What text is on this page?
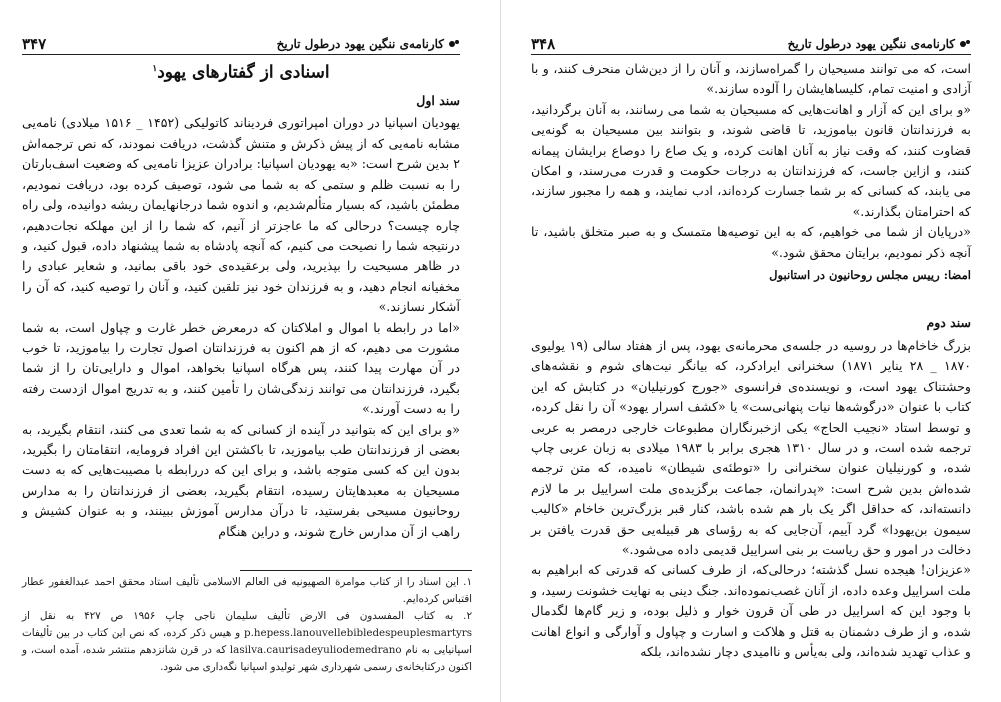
کارنامه‌ی ننگین یهود درطول تاریخ
۳۴۷
اسنادی از گفتارهای یهود$^۱$
سند اول

یهودیان اسپانیا در دوران امپراتوری فردیناند کاتولیکی (۱۴۵۲ _ ۱۵۱۶ میلادی) نامه‌یی مشابه نامه‌یی که از پیش ذکرش و متنش گذشت، دریافت نمودند، که نص ترجمه‌اش ۲ بدین شرح است: «به یهودیان اسپانیا: برادران عزیزا نامه‌یی که وضعیت اسف‌بارتان را به نسبت ظلم و ستمی که به شما می شود، توصیف کرده بود، دریافت نمودیم، مطمئن باشید، که بسیار متألم‌شدیم، و اندوه شما درجانهایمان ریشه دوانیده، ولی راه چاره چیست؟ درحالی که ما عاجزتر از آنیم، که شما را از این مهلکه نجات‌دهیم، درنتیجه شما را نصیحت می کنیم، که آنچه پادشاه به شما پیشنهاد داده، قبول کنید، و در ظاهر مسیحیت را بپذیرید، ولی برعقیده‌ی خود باقی بمانید، و شعایر عبادی را مخفیانه انجام دهید، و به فرزندان خود نیز تلقین کنید، و آنان را توصیه کنید، که آن را آشکار نسازند.»

«اما در رابطه با اموال و املاکتان که درمعرض خطر غارت و چپاول است، به شما مشورت می دهیم، که از هم اکنون به فرزندانتان اصول تجارت را بیاموزید، تا خوب در آن مهارت پیدا کنند، پس هرگاه اسپانیا بخواهد، اموال و دارایی‌تان را از شما بگیرد، فرزندانتان می توانند زندگی‌شان را تأمین کنند، و به تدریج اموال ازدست رفته را به دست آورند.»

«و برای این که بتوانید در آینده از کسانی که به شما تعدی می کنند، انتقام بگیرید، به بعضی از فرزندانتان طب بیاموزید، تا باکشتن این افراد فرومایه، انتقامتان را بگیرید، بدون این که کسی متوجه باشد، و برای این که دررابطه با مصیبت‌هایی که به دست مسیحیان به معبدهایتان رسیده، انتقام بگیرید، بعضی از فرزندانتان را به مدارس روحانیون مسیحی بفرستید، تا درآن مدارس آموزش ببینند، و به عنوان کشیش و راهب از آن مدارس خارج شوند، و دراین هنگام

۱. این اسناد را از کتاب موامرة الصهیونیه فی العالم الاسلامی تألیف استاد محقق احمد عبدالغفور عطار اقتباس کرده‌ایم.

۲. به کتاب المفسدون فی الارض تألیف سلیمان ناجی چاپ ۱۹۵۶ ص ۴۲۷ به نقل از p.hepess.lanouvellebibledespeuplesmartyrs و هیس ذکر کرده، که نص این کتاب در بین تألیفات اسپانیایی به نام lasilva.caurisadeyuliodemedrano که در قرن شانزدهم منتشر شده، آمده است، و اکنون درکتابخانه‌ی رسمی شهرداری شهر تولیدو اسپانیا نگه‌داری می شود.

کارنامه‌ی ننگین یهود درطول تاریخ
۳۴۸

است، که می توانند مسیحیان را گمراه‌سازند، و آنان را از دین‌شان منحرف کنند، و با آزادی و امنیت تمام، کلیساهایشان را آلوده سازند.»

«و برای این که آزار و اهانت‌هایی که مسیحیان به شما می رسانند، به آنان برگردانید، به فرزندانتان قانون بیاموزید، تا قاضی شوند، و بتوانند بین مسیحیان به گونه‌یی قضاوت کنند، که وقت نیاز به آنان اهانت کرده، و یک صاع را دوصاع برایشان پیمانه کنند، و ازاین جاست، که فرزندانتان به درجات حکومت و قدرت می‌رسند، و امکان می یابند، که کسانی که بر شما جسارت کرده‌اند، ادب نمایند، و همه را مجبور سازند، که احترامتان بگذارند.»

«درپایان از شما می خواهیم، که به این توصیه‌ها متمسک و به صبر متخلق باشید، تا آنچه ذکر نمودیم، برایتان محقق شود.»

امضا: رییس مجلس روحانیون در استانبول
سند دوم

بزرگ خاخام‌ها در روسیه در جلسه‌ی محرمانه‌ی یهود، پس از هفتاد سالی (۱۹ یولیوی ۱۸۷۰ _ ۲۸ ینایر ۱۸۷۱) سخنرانی ایرادکرد، که بیانگر نیت‌های شوم و نقشه‌های وحشتناک یهود است، و نویسنده‌ی فرانسوی «جورج کورنیلیان» در کتابش که این کتاب با عنوان «درگوشه‌ها نیات پنهانی‌ست» یا «کشف اسرار یهود» آن را نقل کرده، و توسط استاد «نجیب الحاج» یکی ازخبرنگاران مطبوعات خارجی درمصر به عربی ترجمه شده است، و در سال ۱۳۱۰ هجری برابر با ۱۹۸۳ میلادی به زبان عربی چاپ شده، و کورنیلیان عنوان سخنرانی را «توطئه‌ی شیطان» نامیده، که متن ترجمه شده‌اش بدین شرح است: «پدرانمان، جماعت برگزیده‌ی ملت اسراییل بر ما لازم دانسته‌اند، که حداقل اگر یک بار هم شده باشد، کنار قبر بزرگ‌ترین خاخام «کالیب سیمون بن‌یهودا» گرد آییم، آن‌جایی که به رؤسای هر قبیله‌یی حق قدرت یافتن بر دخالت در امور و حق ریاست بر بنی اسراییل قدیمی داده می‌شود.»

«عزیزان! هیجده نسل گذشته؛ درحالی‌که، از طرف کسانی که قدرتی که ابراهیم به ملت اسراییل وعده داده، از آنان غصب‌نموده‌اند. جنگ دینی به نهایت خشونت رسید، و با وجود این که اسراییل در طی آن قرون خوار و ذلیل بوده، و زیر گام‌ها لگدمال شده، و از طرف دشمنان به قتل و هلاکت و اسارت و چپاول و آوارگی و انواع اهانت و عذاب تهدید شده‌اند، ولی به‌یأس و ناامیدی دچار نشده‌اند، بلکه
